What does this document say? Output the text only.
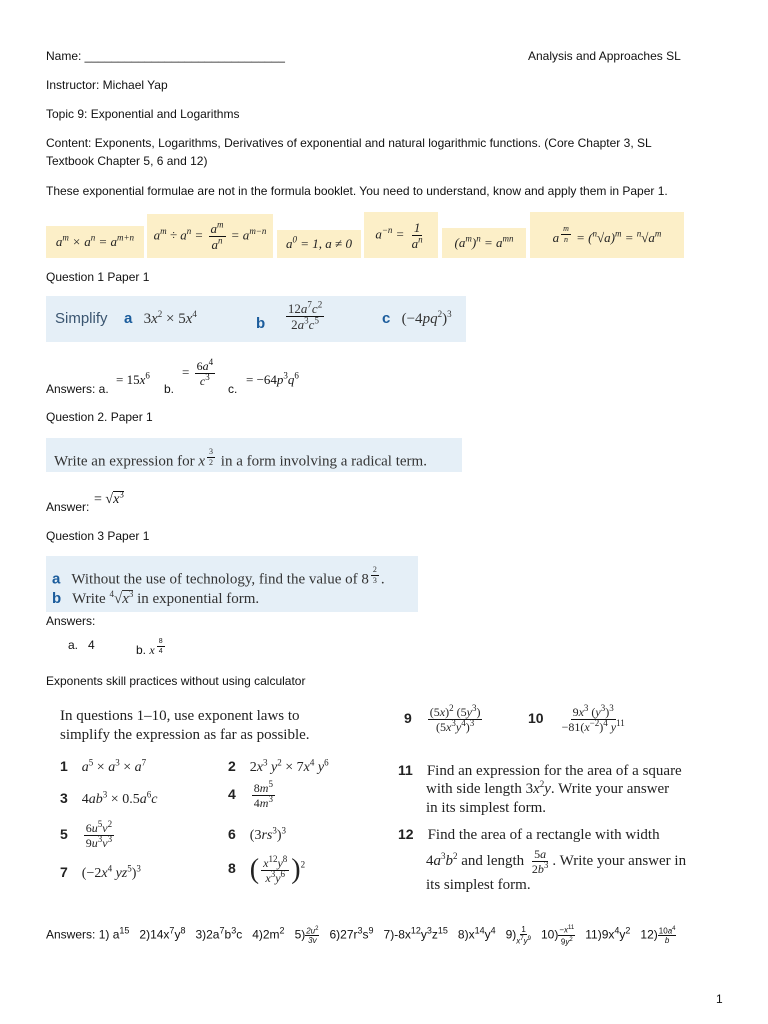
Name: ______________________________	Analysis and Approaches SL
Instructor: Michael Yap
Topic 9: Exponential and Logarithms
Content: Exponents, Logarithms, Derivatives of exponential and natural logarithmic functions. (Core Chapter 3, SL
Textbook Chapter 5, 6 and 12)
These exponential formulae are not in the formula booklet. You need to understand, know and apply them in Paper 1.
$a^m \times a^n = a^{m+n}$ $a^m \div a^n = \frac{a^m}{a^n} = a^{m-n}$
$a^0 = 1$, a ≠ 0
$a^{-n} = \frac{1}{a^n} (a^m)^n = a^{mn}$	a $^{\frac{m}{n}} = (^n√a)^m = ^n√a^m$
Question 1 Paper 1
Simplify a   $3x^2 \times 5x^4$
b $\frac{12a^7c^2}{2a^3c^5}$	c   $(-4pq^2)^3$
Answers: a.
= $15x^6$
b.
= $\frac{6a^4}{c^3}$
c.
= $-64p^3q^6$
Question 2. Paper 1
Write an expression for x $^{\frac{3}{2}}$ in a form involving a radical term.
Answer: = $√x^3$
Question 3 Paper 1
a Without the use of technology, find the value of 8 $^{\frac{2}{3}}$ .
b Write $^4√x^3$ in exponential form.
Answers:
a.   4	b. x $^{\frac{8}{4}}$
Exponents skill practices without using calculator
In questions 1–10, use exponent laws to
simplify the expression as far as possible.
1 $a^5 \times a^3 \times a^7$	2 $2x^3$ $y^2 \times 7x^4$ $y^6$
3 $4ab^3 \times 0.5a^6c$	$4 \frac{8m^5}{4m^3}$
$5 \frac{6u^5v^2}{9u^3v^3}$	6 $(3rs^3)^3$
7 ($-2x^4$ $yz^5)^3$	8 ( $\frac{x^{12}y^8}{x^3y^6} )^2$
$9 \frac{(5x)^2 (5y^3)}{(5x^3y^4)^3}$	$10 \frac{9x^3 (y^3)^3}{-81(x^{-2})^4 y^{11}}$
11 Find an expression for the area of a square
with side length $3x^2y$. Write your answer
in its simplest form.
12 Find the area of a rectangle with width
$4a^3b^2$ and length $\frac{5a}{2b^3}$ . Write your answer in
its simplest form.
Answers: 1) $a^{15}$   $2)14x^7y^8$   $3)2a^7b^3c$   $4)2m^2$   $5) \frac{2u^2}{3v} 6)27r^3s^9$   $7)-8x^{12}y^3z^{15}$   $8)x^{14}y^4$   $9) \frac{1}{x^7y^9} 10) \frac{-x^{11}}{9y^2} 11)9x^4y^2$   $12) \frac{10a^4}{b}$
1
